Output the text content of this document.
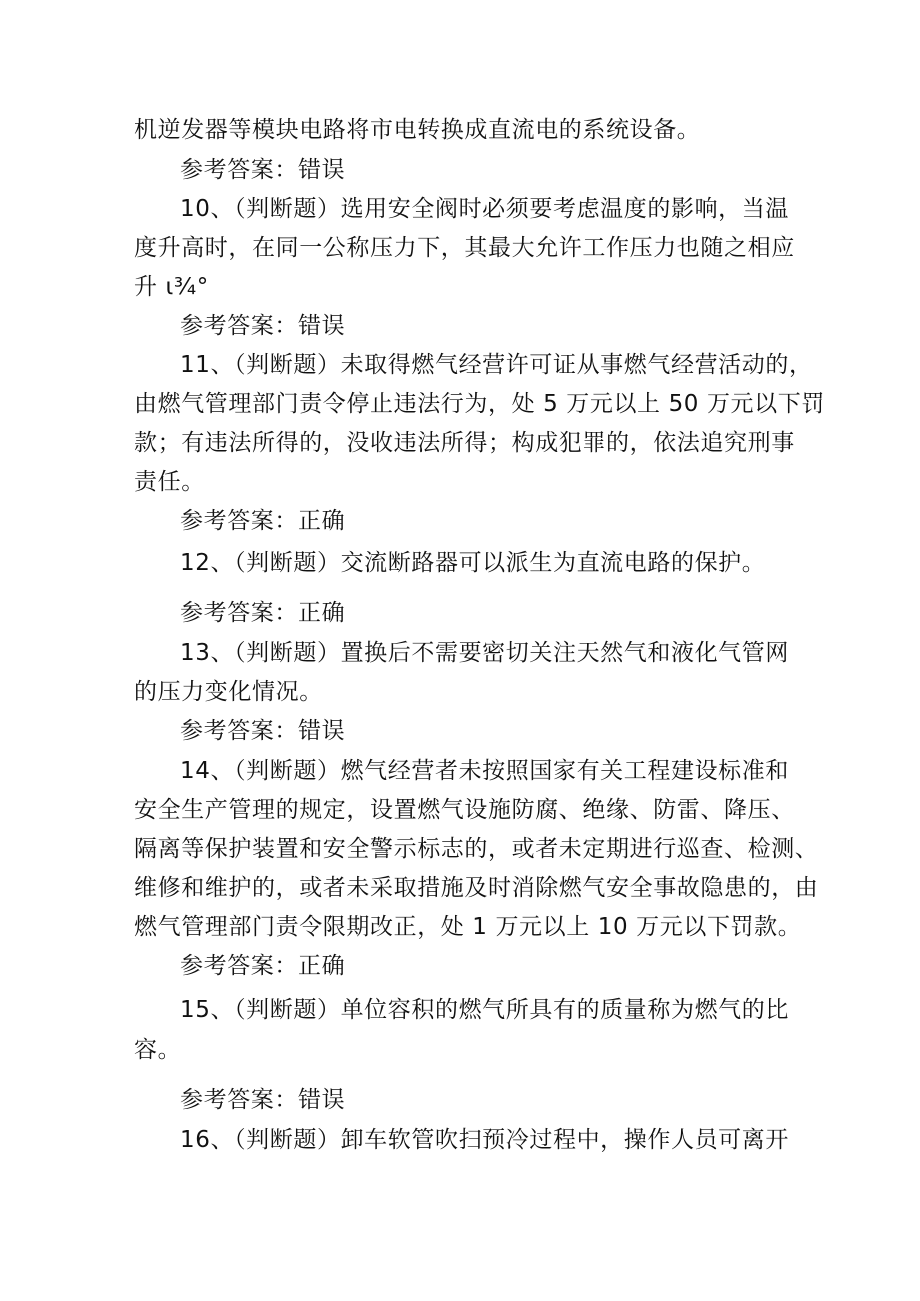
机逆发器等模块电路将市电转换成直流电的系统设备。
参考答案：错误
10、（判断题）选用安全阀时必须要考虑温度的影响，当温
度升高时，在同一公称压力下，其最大允许工作压力也随之相应
升 ι¾°
参考答案：错误
11、（判断题）未取得燃气经营许可证从事燃气经营活动的，
由燃气管理部门责令停止违法行为，处 5 万元以上 50 万元以下罚
款；有违法所得的，没收违法所得；构成犯罪的，依法追究刑事
责任。
参考答案：正确
12、（判断题）交流断路器可以派生为直流电路的保护。
参考答案：正确
13、（判断题）置换后不需要密切关注天然气和液化气管网
的压力变化情况。
参考答案：错误
14、（判断题）燃气经营者未按照国家有关工程建设标准和
安全生产管理的规定，设置燃气设施防腐、绝缘、防雷、降压、
隔离等保护装置和安全警示标志的，或者未定期进行巡查、检测、
维修和维护的，或者未采取措施及时消除燃气安全事故隐患的，由
燃气管理部门责令限期改正，处 1 万元以上 10 万元以下罚款。
参考答案：正确
15、（判断题）单位容积的燃气所具有的质量称为燃气的比
容。
参考答案：错误
16、（判断题）卸车软管吹扫预冷过程中，操作人员可离开
